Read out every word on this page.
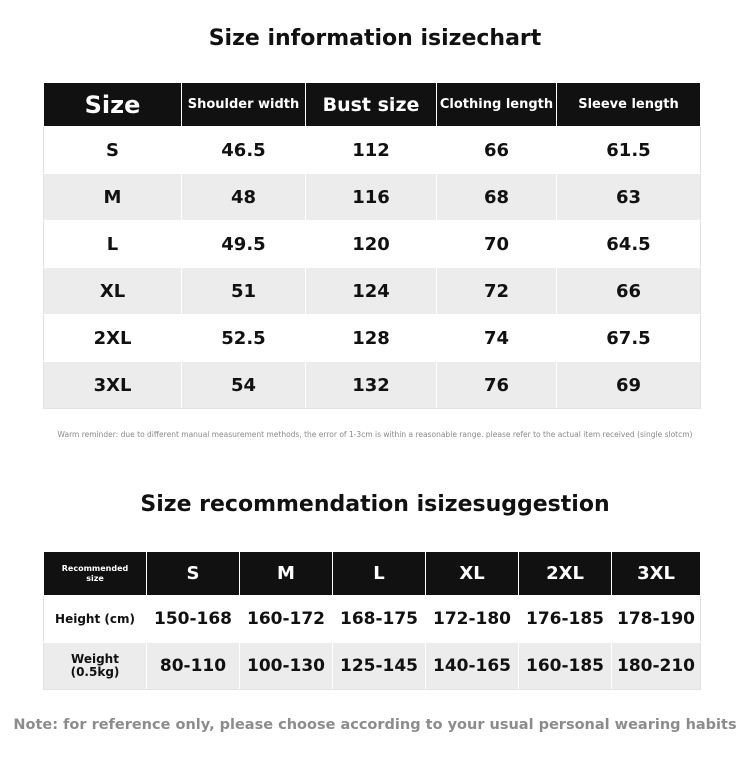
Size information isizechart
Size	Shoulder width	Bust size	Clothing length	Sleeve length
S	46.5	112	66	61.5
M	48	116	68	63
L	49.5	120	70	64.5
XL	51	124	72	66
2XL	52.5	128	74	67.5
3XL	54	132	76	69
Warm reminder: due to different manual measurement methods, the error of 1-3cm is within a reasonable range. please refer to the actual item received (single slotcm)
Size recommendation isizesuggestion
Recommended
size	S	M	L	XL	2XL	3XL

Height (cm)	150-168	160-172	168-175	172-180	176-185	178-190

Weight
(0.5kg)	80-110	100-130	125-145	140-165	160-185	180-210
Note: for reference only, please choose according to your usual personal wearing habits
